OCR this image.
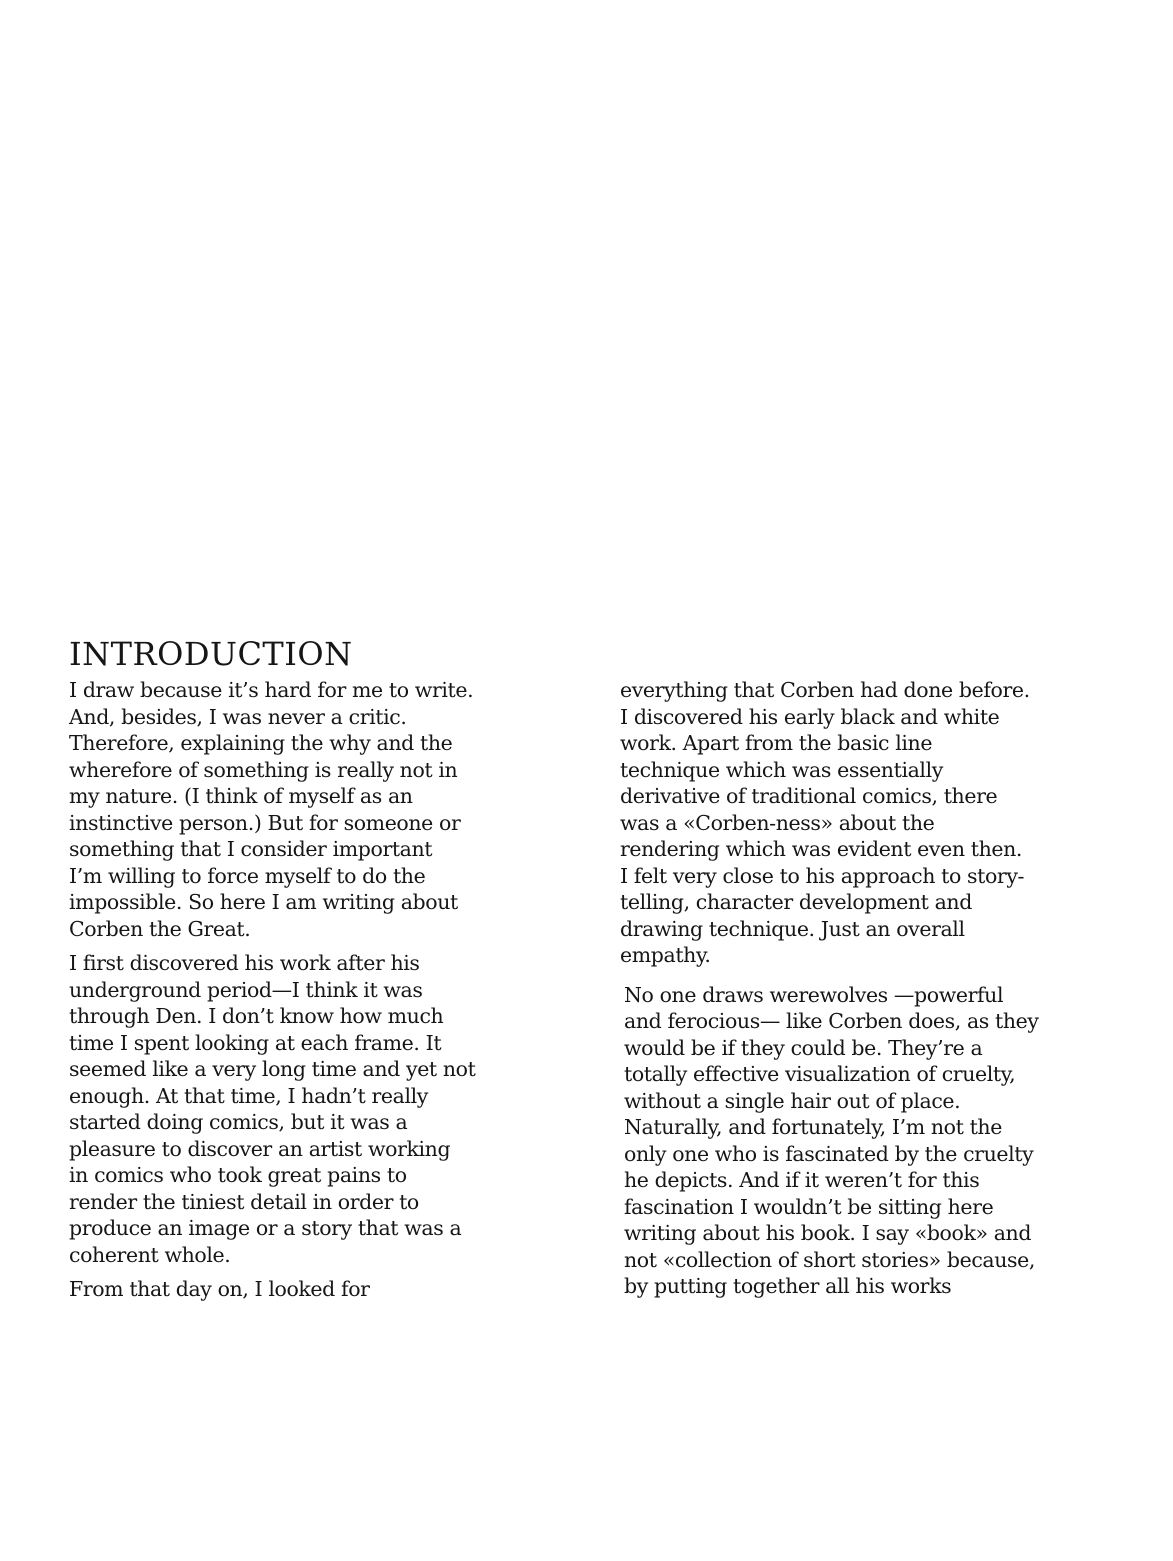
INTRODUCTION

I draw because it’s hard for me to write.
And, besides, I was never a critic.
Therefore, explaining the why and the
wherefore of something is really not in
my nature. (I think of myself as an
instinctive person.) But for someone or
something that I consider important
I’m willing to force myself to do the
impossible. So here I am writing about
Corben the Great.

I first discovered his work after his
underground period—I think it was
through Den. I don’t know how much
time I spent looking at each frame. It
seemed like a very long time and yet not
enough. At that time, I hadn’t really
started doing comics, but it was a
pleasure to discover an artist working
in comics who took great pains to
render the tiniest detail in order to
produce an image or a story that was a
coherent whole.

From that day on, I looked for

everything that Corben had done before.
I discovered his early black and white
work. Apart from the basic line
technique which was essentially
derivative of traditional comics, there
was a «Corben-ness» about the
rendering which was evident even then.
I felt very close to his approach to story-
telling, character development and
drawing technique. Just an overall
empathy.

No one draws werewolves —powerful
and ferocious— like Corben does, as they
would be if they could be. They’re a
totally effective visualization of cruelty,
without a single hair out of place.
Naturally, and fortunately, I’m not the
only one who is fascinated by the cruelty
he depicts. And if it weren’t for this
fascination I wouldn’t be sitting here
writing about his book. I say «book» and
not «collection of short stories» because,
by putting together all his works
